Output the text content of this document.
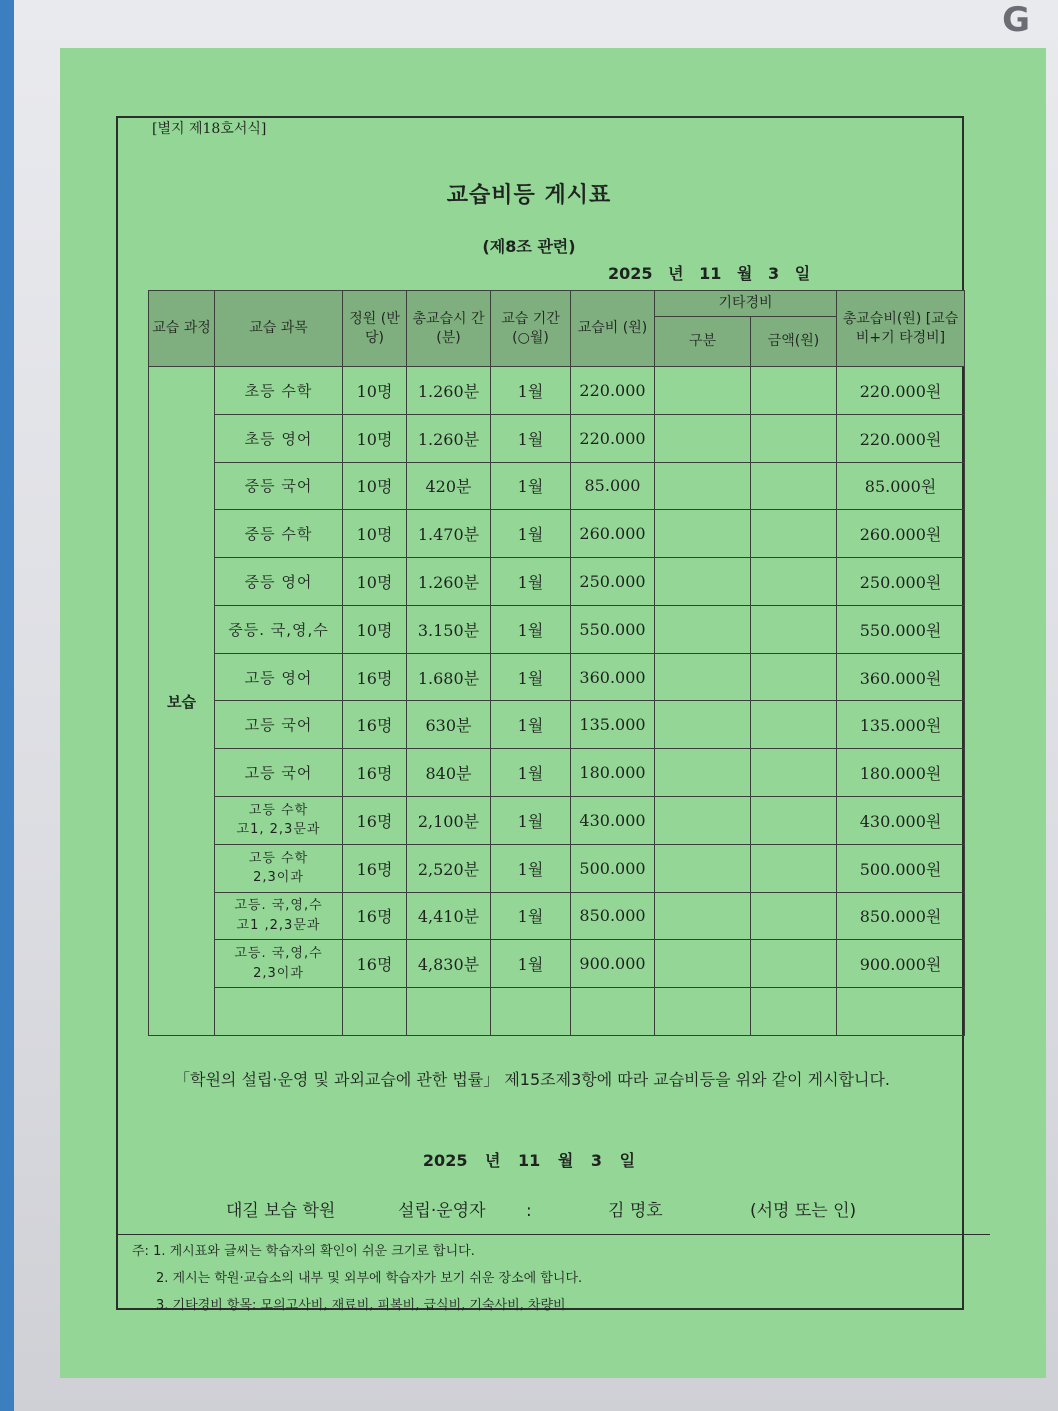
G
[별지 제18호서식]
교습비등 게시표
(제8조 관련)
2025 년 11 월 3 일
교습 과정	교습 과목	정원 (반당)	총교습시 간(분)	교습 기간 (○월)	교습비 (원)	기타경비		총교습비(원) [교습비+기 타경비]
						구분	금액(원)	
보습	초등 수학	10명	1.260분	1월	220.000			220.000원
	초등 영어	10명	1.260분	1월	220.000			220.000원
	중등 국어	10명	420분	1월	85.000			85.000원
	중등 수학	10명	1.470분	1월	260.000			260.000원
	중등 영어	10명	1.260분	1월	250.000			250.000원
	중등. 국,영,수	10명	3.150분	1월	550.000			550.000원
	고등 영어	16명	1.680분	1월	360.000			360.000원
	고등 국어	16명	630분	1월	135.000			135.000원
	고등 국어	16명	840분	1월	180.000			180.000원
	고등 수학
고1, 2,3문과	16명	2,100분	1월	430.000			430.000원
	고등 수학
2,3이과	16명	2,520분	1월	500.000			500.000원
	고등. 국,영,수
고1 ,2,3문과	16명	4,410분	1월	850.000			850.000원
	고등. 국,영,수
2,3이과	16명	4,830분	1월	900.000			900.000원

「학원의 설립·운영 및 과외교습에 관한 법률」 제15조제3항에 따라 교습비등을 위와 같이 게시합니다.
2025 년 11 월 3 일
대길 보습 학원	설립·운영자 :	김 명호	(서명 또는 인)
주: 1. 게시표와 글씨는 학습자의 확인이 쉬운 크기로 합니다.
2. 게시는 학원·교습소의 내부 및 외부에 학습자가 보기 쉬운 장소에 합니다.
3. 기타경비 항목: 모의고사비, 재료비, 피복비, 급식비, 기숙사비, 차량비
